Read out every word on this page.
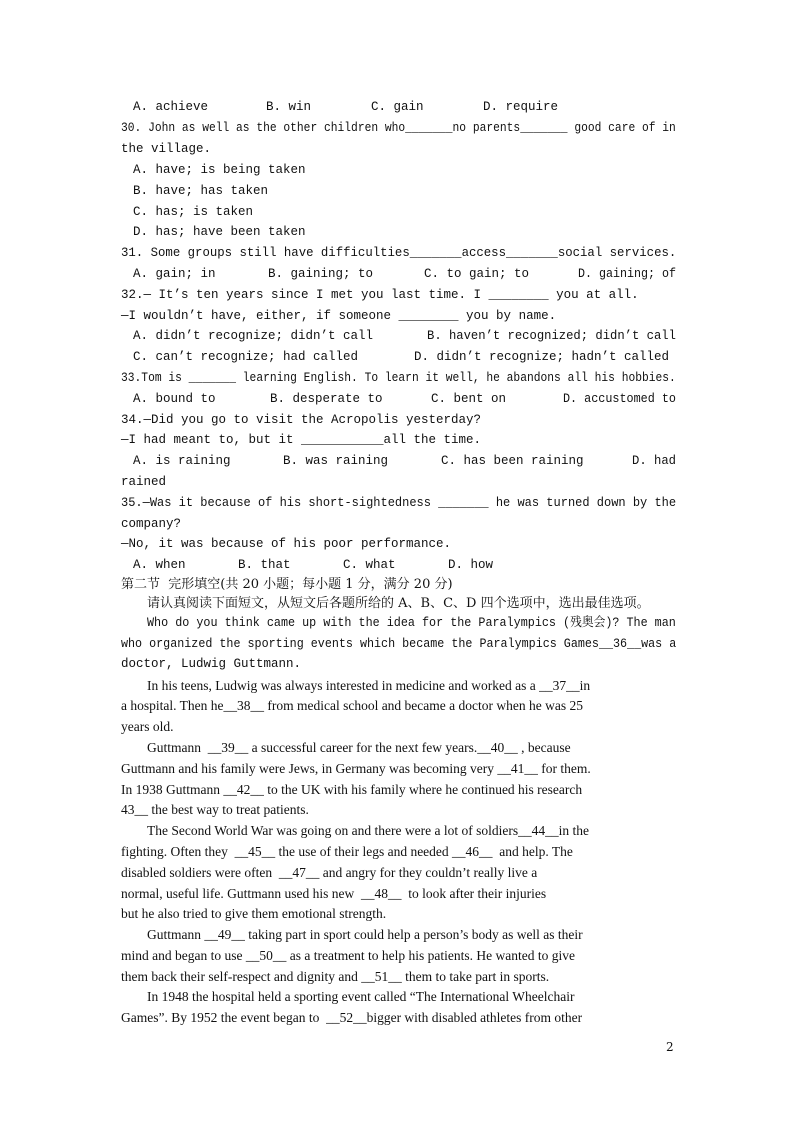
A. achieve	B. win	C. gain	D. require
30. John as well as the other children who_______no parents_______ good care of in
the village.
A. have; is being taken
B. have; has taken
C. has; is taken
D. has; have been taken
31. Some groups still have difficulties_______access_______social services.
A. gain; in	B. gaining; to	C. to gain; to	D. gaining; of
32.— It’s ten years since I met you last time. I ________ you at all.
—I wouldn’t have, either, if someone ________ you by name.
A. didn’t recognize; didn’t call	B. haven’t recognized; didn’t call
C. can’t recognize; had called	D. didn’t recognize; hadn’t called
33.Tom is _______ learning English. To learn it well, he abandons all his hobbies.
A. bound to	B. desperate to	C. bent on	D. accustomed to
34.—Did you go to visit the Acropolis yesterday?
—I had meant to, but it ___________all the time.
A. is raining	B. was raining	C. has been raining	D. had
rained
35.—Was it because of his short-sightedness _______ he was turned down by the
company?
—No, it was because of his poor performance.
A. when	B. that	C. what	D. how
第二节  完形填空(共 20 小题；每小题 1 分，满分 20 分)
请认真阅读下面短文，从短文后各题所给的 A、B、C、D 四个选项中，选出最佳选项。
Who do you think came up with the idea for the Paralympics (残奥会)? The man
who organized the sporting events which became the Paralympics Games__36__was a
doctor, Ludwig Guttmann.
In his teens, Ludwig was always interested in medicine and worked as a __37__in
a hospital. Then he__38__ from medical school and became a doctor when he was 25
years old.
Guttmann  __39__ a successful career for the next few years.__40__ , because
Guttmann and his family were Jews, in Germany was becoming very __41__ for them.
In 1938 Guttmann __42__ to the UK with his family where he continued his research
43__ the best way to treat patients.
The Second World War was going on and there were a lot of soldiers__44__in the
fighting. Often they  __45__ the use of their legs and needed __46__  and help. The
disabled soldiers were often  __47__ and angry for they couldn’t really live a
normal, useful life. Guttmann used his new  __48__  to look after their injuries
but he also tried to give them emotional strength.
Guttmann __49__ taking part in sport could help a person’s body as well as their
mind and began to use __50__ as a treatment to help his patients. He wanted to give
them back their self-respect and dignity and __51__ them to take part in sports.
In 1948 the hospital held a sporting event called “The International Wheelchair
Games”. By 1952 the event began to  __52__bigger with disabled athletes from other
2
